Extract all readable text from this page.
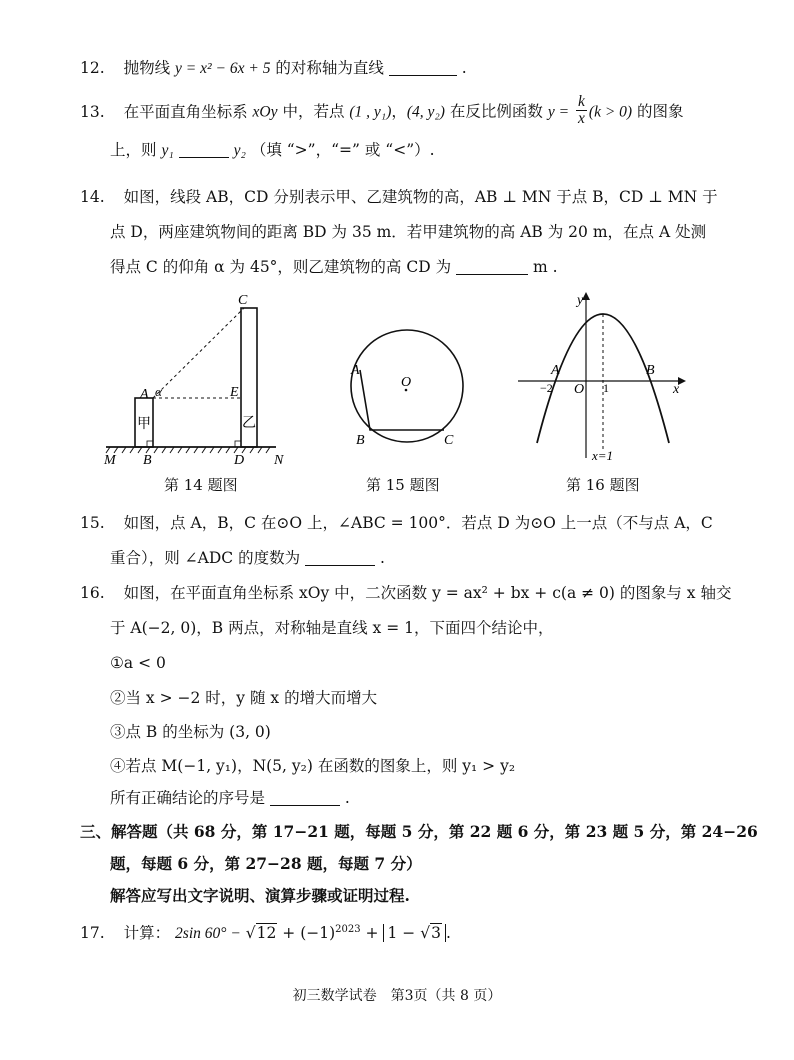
12. 抛物线 y = x² − 6x + 5 的对称轴为直线	.
13. 在平面直角坐标系 xOy 中，若点 (1 , y₁)，(4, y₂) 在反比例函数 $y = \frac{k}{x} (k > 0)$ 的图象
上，则 y₁	y₂ （填 “>”，“=” 或 “<”）.
14. 如图，线段 AB，CD 分别表示甲、乙建筑物的高，AB ⊥ MN 于点 B，CD ⊥ MN 于
点 D，两座建筑物间的距离 BD 为 35 m．若甲建筑物的高 AB 为 20 m，在点 A 处测
得点 C 的仰角 α 为 45°，则乙建筑物的高 CD 为	m .
C
A α	E
甲	乙
M B	D N
第 14 题图
A
O
B	C
第 15 题图
y
x
A	B
−2 O 1
x=1
第 16 题图
15. 如图，点 A，B，C 在⊙O 上，∠ABC = 100°．若点 D 为⊙O 上一点（不与点 A，C
重合），则 ∠ADC 的度数为	.
16. 如图，在平面直角坐标系 xOy 中，二次函数 y = ax² + bx + c(a ≠ 0) 的图象与 x 轴交
于 A(−2, 0)，B 两点，对称轴是直线 x = 1，下面四个结论中，
①a < 0
②当 x > −2 时，y 随 x 的增大而增大
③点 B 的坐标为 (3, 0)
④若点 M(−1, y₁)，N(5, y₂) 在函数的图象上，则 y₁ > y₂
所有正确结论的序号是	.
三、解答题（共 68 分，第 17−21 题，每题 5 分，第 22 题 6 分，第 23 题 5 分，第 24−26
题，每题 6 分，第 27−28 题，每题 7 分）
解答应写出文字说明、演算步骤或证明过程.
17. 计算： 2sin $60^\circ - √12 + (-1)^{2023} + 1 - √3$ .
初三数学试卷　第3页（共 8 页）
